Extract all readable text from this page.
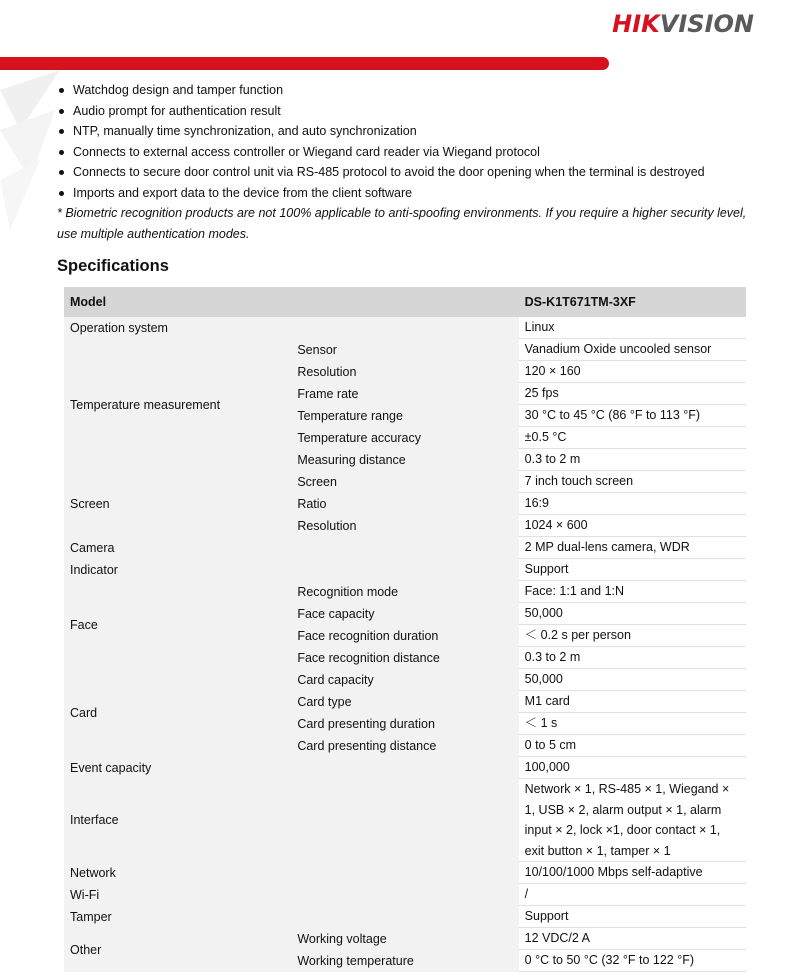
HIKVISION
Watchdog design and tamper function
Audio prompt for authentication result
NTP, manually time synchronization, and auto synchronization
Connects to external access controller or Wiegand card reader via Wiegand protocol
Connects to secure door control unit via RS-485 protocol to avoid the door opening when the terminal is destroyed
Imports and export data to the device from the client software
* Biometric recognition products are not 100% applicable to anti-spoofing environments. If you require a higher security level, use multiple authentication modes.
Specifications
Model		DS-K1T671TM-3XF
Operation system		Linux
Temperature measurement	Sensor	Vanadium Oxide uncooled sensor
	Resolution	120 × 160
	Frame rate	25 fps
	Temperature range	30 °C to 45 °C (86 °F to 113 °F)
	Temperature accuracy	±0.5 °C
	Measuring distance	0.3 to 2 m
Screen	Screen	7 inch touch screen
	Ratio	16:9
	Resolution	1024 × 600
Camera		2 MP dual-lens camera, WDR
Indicator		Support
Face	Recognition mode	Face: 1:1 and 1:N
	Face capacity	50,000
	Face recognition duration	＜ 0.2 s per person
	Face recognition distance	0.3 to 2 m
Card	Card capacity	50,000
	Card type	M1 card
	Card presenting duration	＜ 1 s
	Card presenting distance	0 to 5 cm
Event capacity		100,000
Interface		Network × 1, RS-485 × 1, Wiegand × 1, USB × 2, alarm output × 1, alarm input × 2, lock ×1, door contact × 1, exit button × 1, tamper × 1
Network		10/100/1000 Mbps self-adaptive
Wi-Fi		/
Tamper		Support
Other	Working voltage	12 VDC/2 A
	Working temperature	0 °C to 50 °C (32 °F to 122 °F)
